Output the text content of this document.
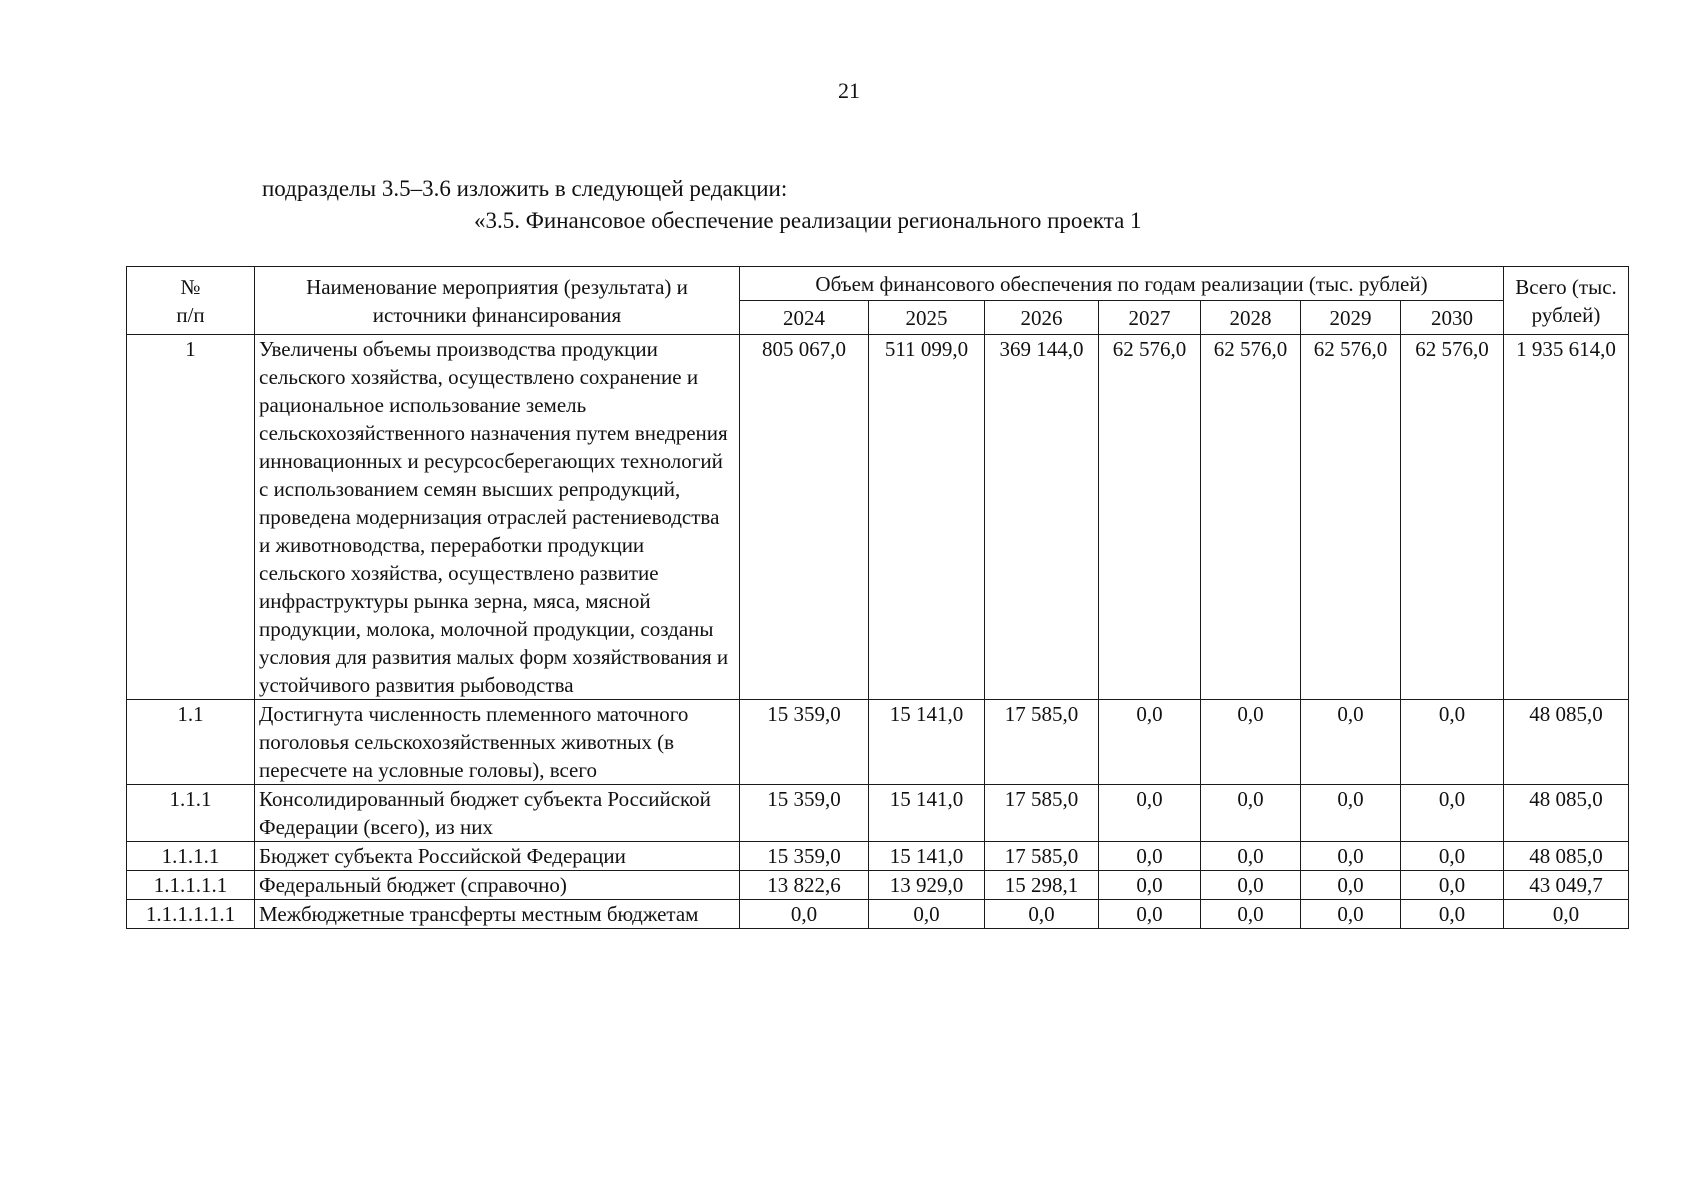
21
подразделы 3.5–3.6 изложить в следующей редакции:
«3.5. Финансовое обеспечение реализации регионального проекта 1
№
п/п	Наименование мероприятия (результата) и источники финансирования	Объем финансового обеспечения по годам реализации (тыс. рублей)							Всего (тыс. рублей)
		2024	2025	2026	2027	2028	2029	2030	
1	Увеличены объемы производства продукции сельского хозяйства, осуществлено сохранение и рациональное использование земель сельскохозяйственного назначения путем внедрения инновационных и ресурсосберегающих технологий с использованием семян высших репродукций, проведена модернизация отраслей растениеводства и животноводства, переработки продукции сельского хозяйства, осуществлено развитие инфраструктуры рынка зерна, мяса, мясной продукции, молока, молочной продукции, созданы условия для развития малых форм хозяйствования и устойчивого развития рыбоводства	805 067,0	511 099,0	369 144,0	62 576,0	62 576,0	62 576,0	62 576,0	1 935 614,0
1.1	Достигнута численность племенного маточного поголовья сельскохозяйственных животных (в пересчете на условные головы), всего	15 359,0	15 141,0	17 585,0	0,0	0,0	0,0	0,0	48 085,0
1.1.1	Консолидированный бюджет субъекта Российской Федерации (всего), из них	15 359,0	15 141,0	17 585,0	0,0	0,0	0,0	0,0	48 085,0
1.1.1.1	Бюджет субъекта Российской Федерации	15 359,0	15 141,0	17 585,0	0,0	0,0	0,0	0,0	48 085,0
1.1.1.1.1	Федеральный бюджет (справочно)	13 822,6	13 929,0	15 298,1	0,0	0,0	0,0	0,0	43 049,7
1.1.1.1.1.1	Межбюджетные трансферты местным бюджетам	0,0	0,0	0,0	0,0	0,0	0,0	0,0	0,0
